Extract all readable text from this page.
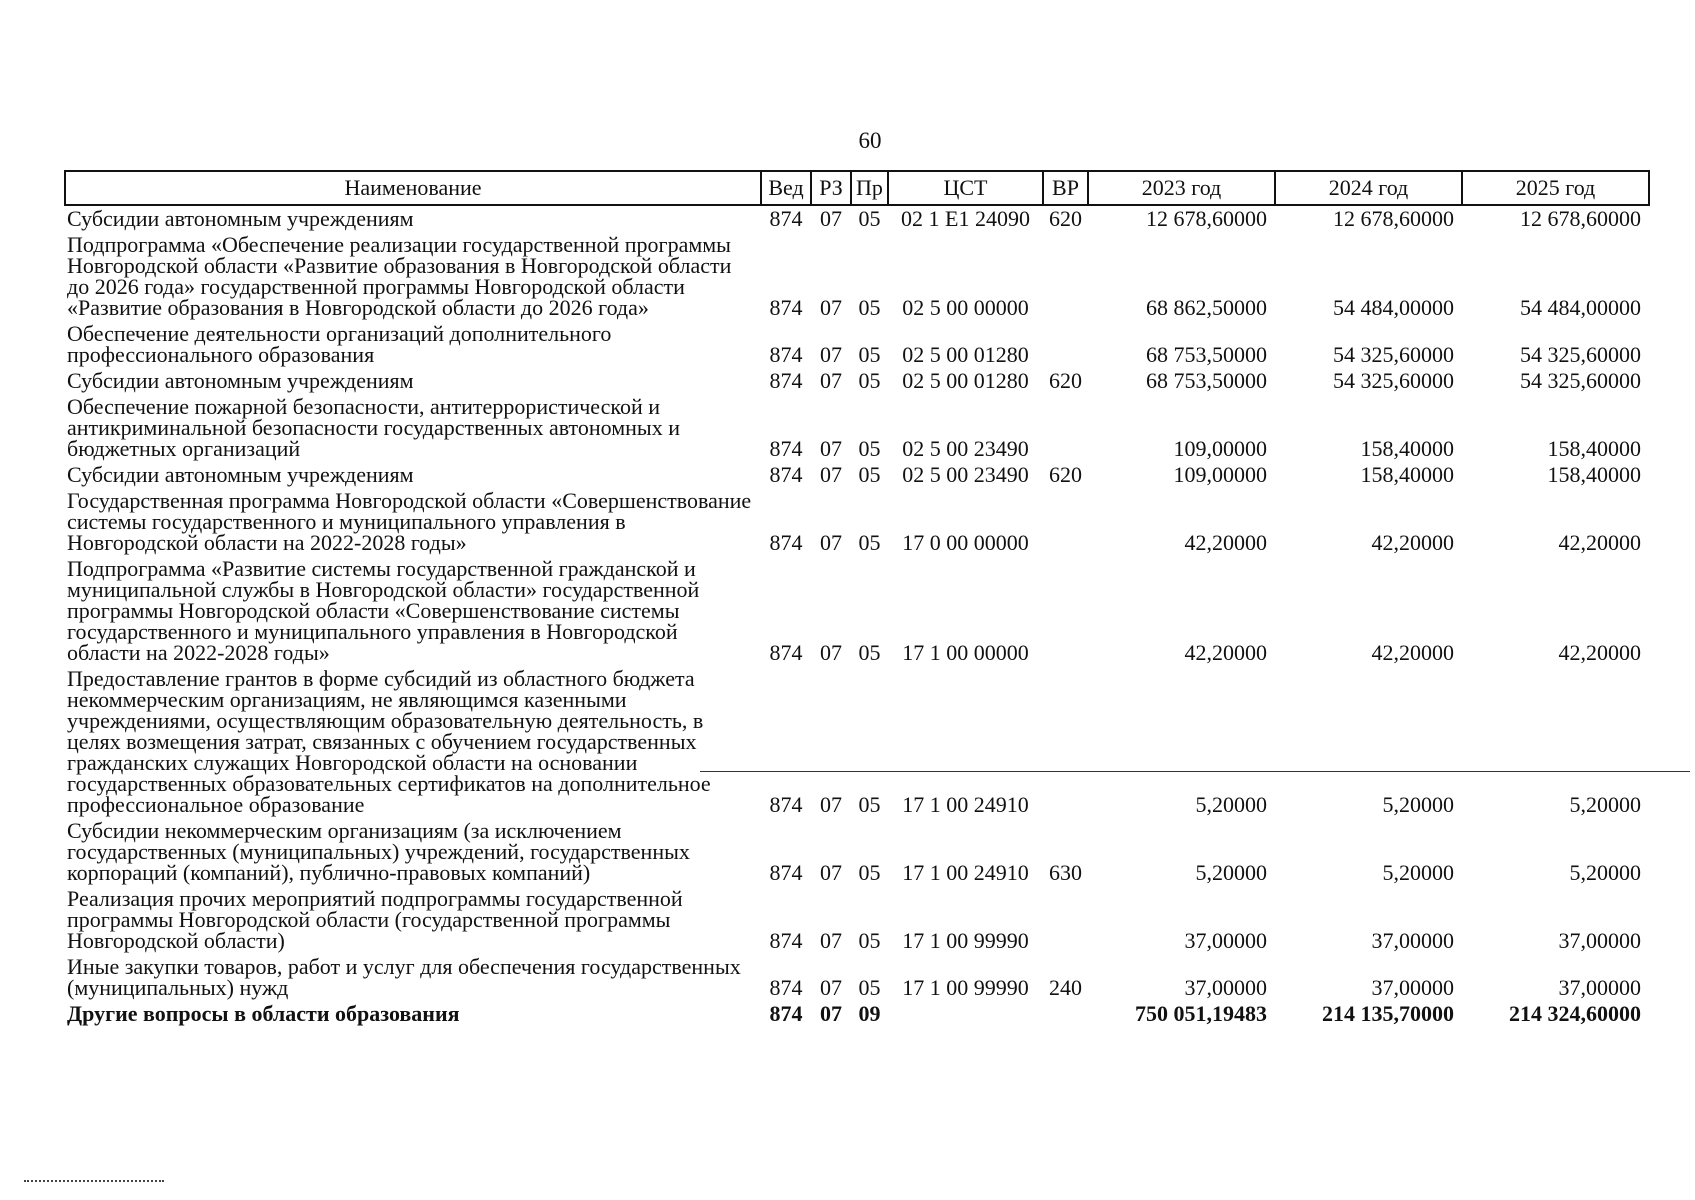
60
Наименование	Вед	РЗ	Пр	ЦСТ	ВР	2023 год	2024 год	2025 год
Субсидии автономным учреждениям	874	07	05	02 1 Е1 24090	620	12 678,60000	12 678,60000	12 678,60000
Подпрограмма «Обеспечение реализации государственной программы Новгородской области «Развитие образования в Новгородской области до 2026 года» государственной программы Новгородской области «Развитие образования в Новгородской области до 2026 года»	874	07	05	02 5 00 00000		68 862,50000	54 484,00000	54 484,00000
Обеспечение деятельности организаций дополнительного профессионального образования	874	07	05	02 5 00 01280		68 753,50000	54 325,60000	54 325,60000
Субсидии автономным учреждениям	874	07	05	02 5 00 01280	620	68 753,50000	54 325,60000	54 325,60000
Обеспечение пожарной безопасности, антитеррористической и антикриминальной безопасности государственных автономных и бюджетных организаций	874	07	05	02 5 00 23490		109,00000	158,40000	158,40000
Субсидии автономным учреждениям	874	07	05	02 5 00 23490	620	109,00000	158,40000	158,40000
Государственная программа Новгородской области «Совершенствование системы государственного и муниципального управления в Новгородской области на 2022-2028 годы»	874	07	05	17 0 00 00000		42,20000	42,20000	42,20000
Подпрограмма «Развитие системы государственной гражданской и муниципальной службы в Новгородской области» государственной программы Новгородской области «Совершенствование системы государственного и муниципального управления в Новгородской области на 2022-2028 годы»	874	07	05	17 1 00 00000		42,20000	42,20000	42,20000
Предоставление грантов в форме субсидий из областного бюджета некоммерческим организациям, не являющимся казенными учреждениями, осуществляющим образовательную деятельность, в целях возмещения затрат, связанных с обучением государственных гражданских служащих Новгородской области на основании государственных образовательных сертификатов на дополнительное профессиональное образование	874	07	05	17 1 00 24910		5,20000	5,20000	5,20000
Субсидии некоммерческим организациям (за исключением государственных (муниципальных) учреждений, государственных корпораций (компаний), публично-правовых компаний)	874	07	05	17 1 00 24910	630	5,20000	5,20000	5,20000
Реализация прочих мероприятий подпрограммы государственной программы Новгородской области (государственной программы Новгородской области)	874	07	05	17 1 00 99990		37,00000	37,00000	37,00000
Иные закупки товаров, работ и услуг для обеспечения государственных (муниципальных) нужд	874	07	05	17 1 00 99990	240	37,00000	37,00000	37,00000
Другие вопросы в области образования	874	07	09			750 051,19483	214 135,70000	214 324,60000
